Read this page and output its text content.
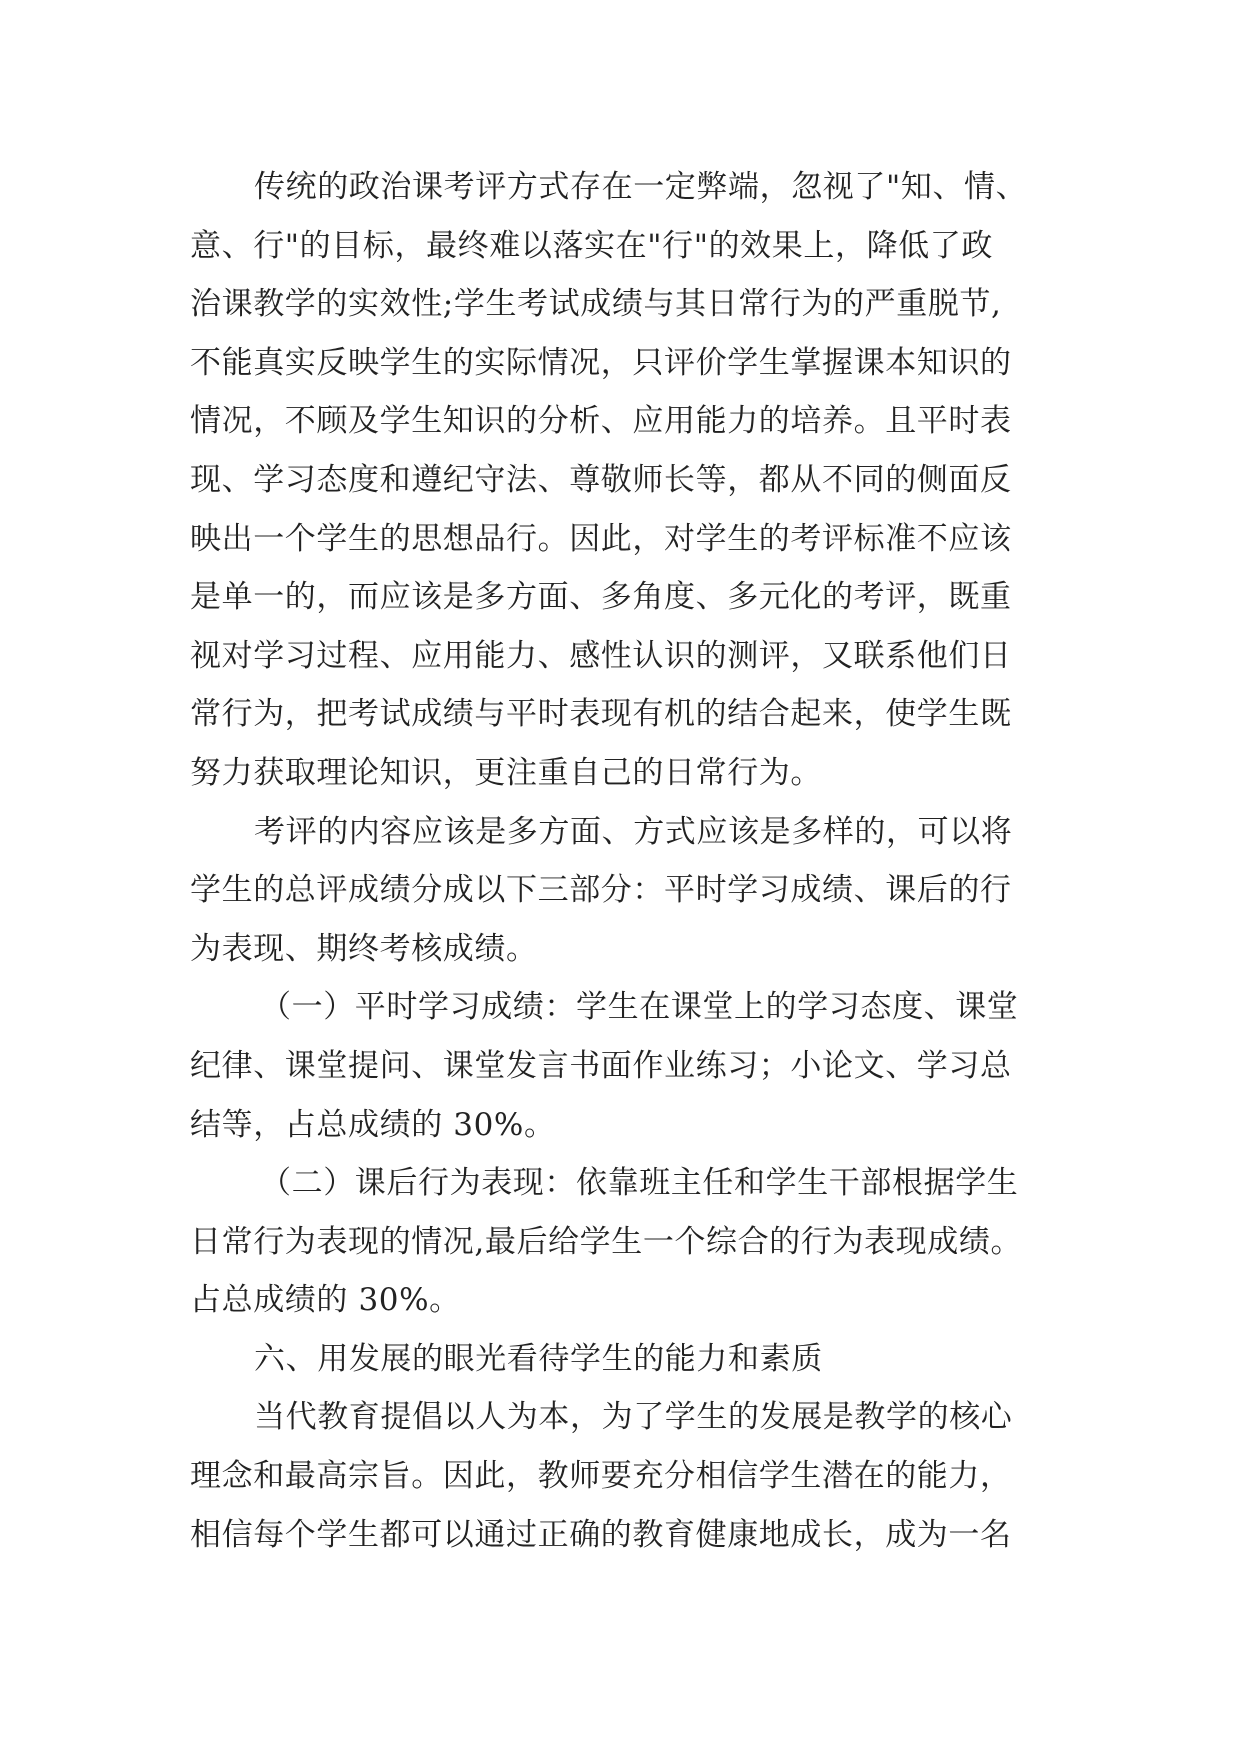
传统的政治课考评方式存在一定弊端，忽视了"知、情、
意、行"的目标，最终难以落实在"行"的效果上，降低了政
治课教学的实效性;学生考试成绩与其日常行为的严重脱节,
不能真实反映学生的实际情况，只评价学生掌握课本知识的
情况，不顾及学生知识的分析、应用能力的培养。且平时表
现、学习态度和遵纪守法、尊敬师长等，都从不同的侧面反
映出一个学生的思想品行。因此，对学生的考评标准不应该
是单一的，而应该是多方面、多角度、多元化的考评，既重
视对学习过程、应用能力、感性认识的测评，又联系他们日
常行为，把考试成绩与平时表现有机的结合起来，使学生既
努力获取理论知识，更注重自己的日常行为。
考评的内容应该是多方面、方式应该是多样的，可以将
学生的总评成绩分成以下三部分：平时学习成绩、课后的行
为表现、期终考核成绩。
（一）平时学习成绩：学生在课堂上的学习态度、课堂
纪律、课堂提问、课堂发言书面作业练习；小论文、学习总
结等，占总成绩的 30%。
（二）课后行为表现：依靠班主任和学生干部根据学生
日常行为表现的情况,最后给学生一个综合的行为表现成绩。
占总成绩的 30%。
六、用发展的眼光看待学生的能力和素质
当代教育提倡以人为本，为了学生的发展是教学的核心
理念和最高宗旨。因此，教师要充分相信学生潜在的能力，
相信每个学生都可以通过正确的教育健康地成长，成为一名
